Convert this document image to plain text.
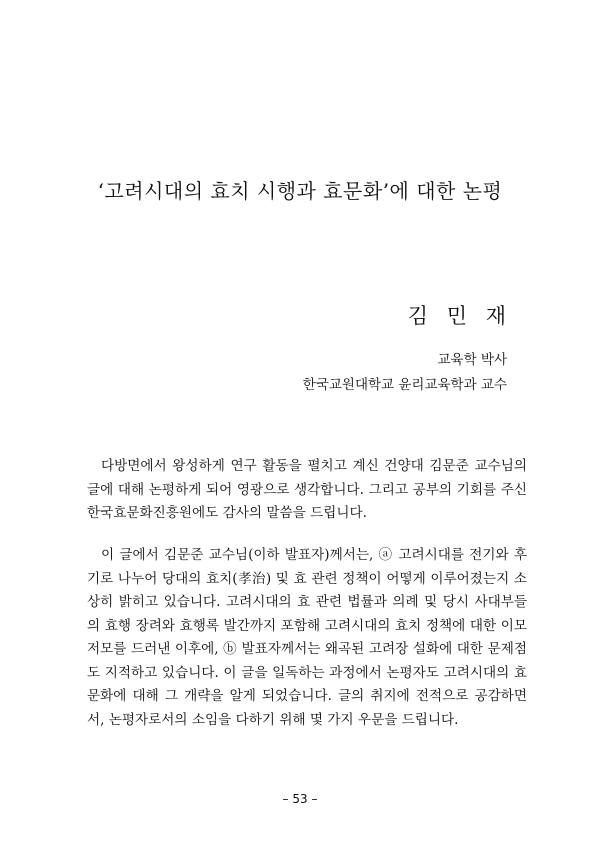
‘고려시대의 효치 시행과 효문화’에 대한 논평
김 민 재
교육학 박사
한국교원대학교 윤리교육학과 교수

다방면에서 왕성하게 연구 활동을 펼치고 계신 건양대 김문준 교수님의 글에 대해 논평하게 되어 영광으로 생각합니다. 그리고 공부의 기회를 주신 한국효문화진흥원에도 감사의 말씀을 드립니다.

이 글에서 김문준 교수님(이하 발표자)께서는, ⓐ 고려시대를 전기와 후기로 나누어 당대의 효치(孝治) 및 효 관련 정책이 어떻게 이루어졌는지 소상히 밝히고 있습니다. 고려시대의 효 관련 법률과 의례 및 당시 사대부들의 효행 장려와 효행록 발간까지 포함해 고려시대의 효치 정책에 대한 이모저모를 드러낸 이후에, ⓑ 발표자께서는 왜곡된 고려장 설화에 대한 문제점도 지적하고 있습니다. 이 글을 일독하는 과정에서 논평자도 고려시대의 효 문화에 대해 그 개략을 알게 되었습니다. 글의 취지에 전적으로 공감하면서, 논평자로서의 소임을 다하기 위해 몇 가지 우문을 드립니다.

– 53 –
